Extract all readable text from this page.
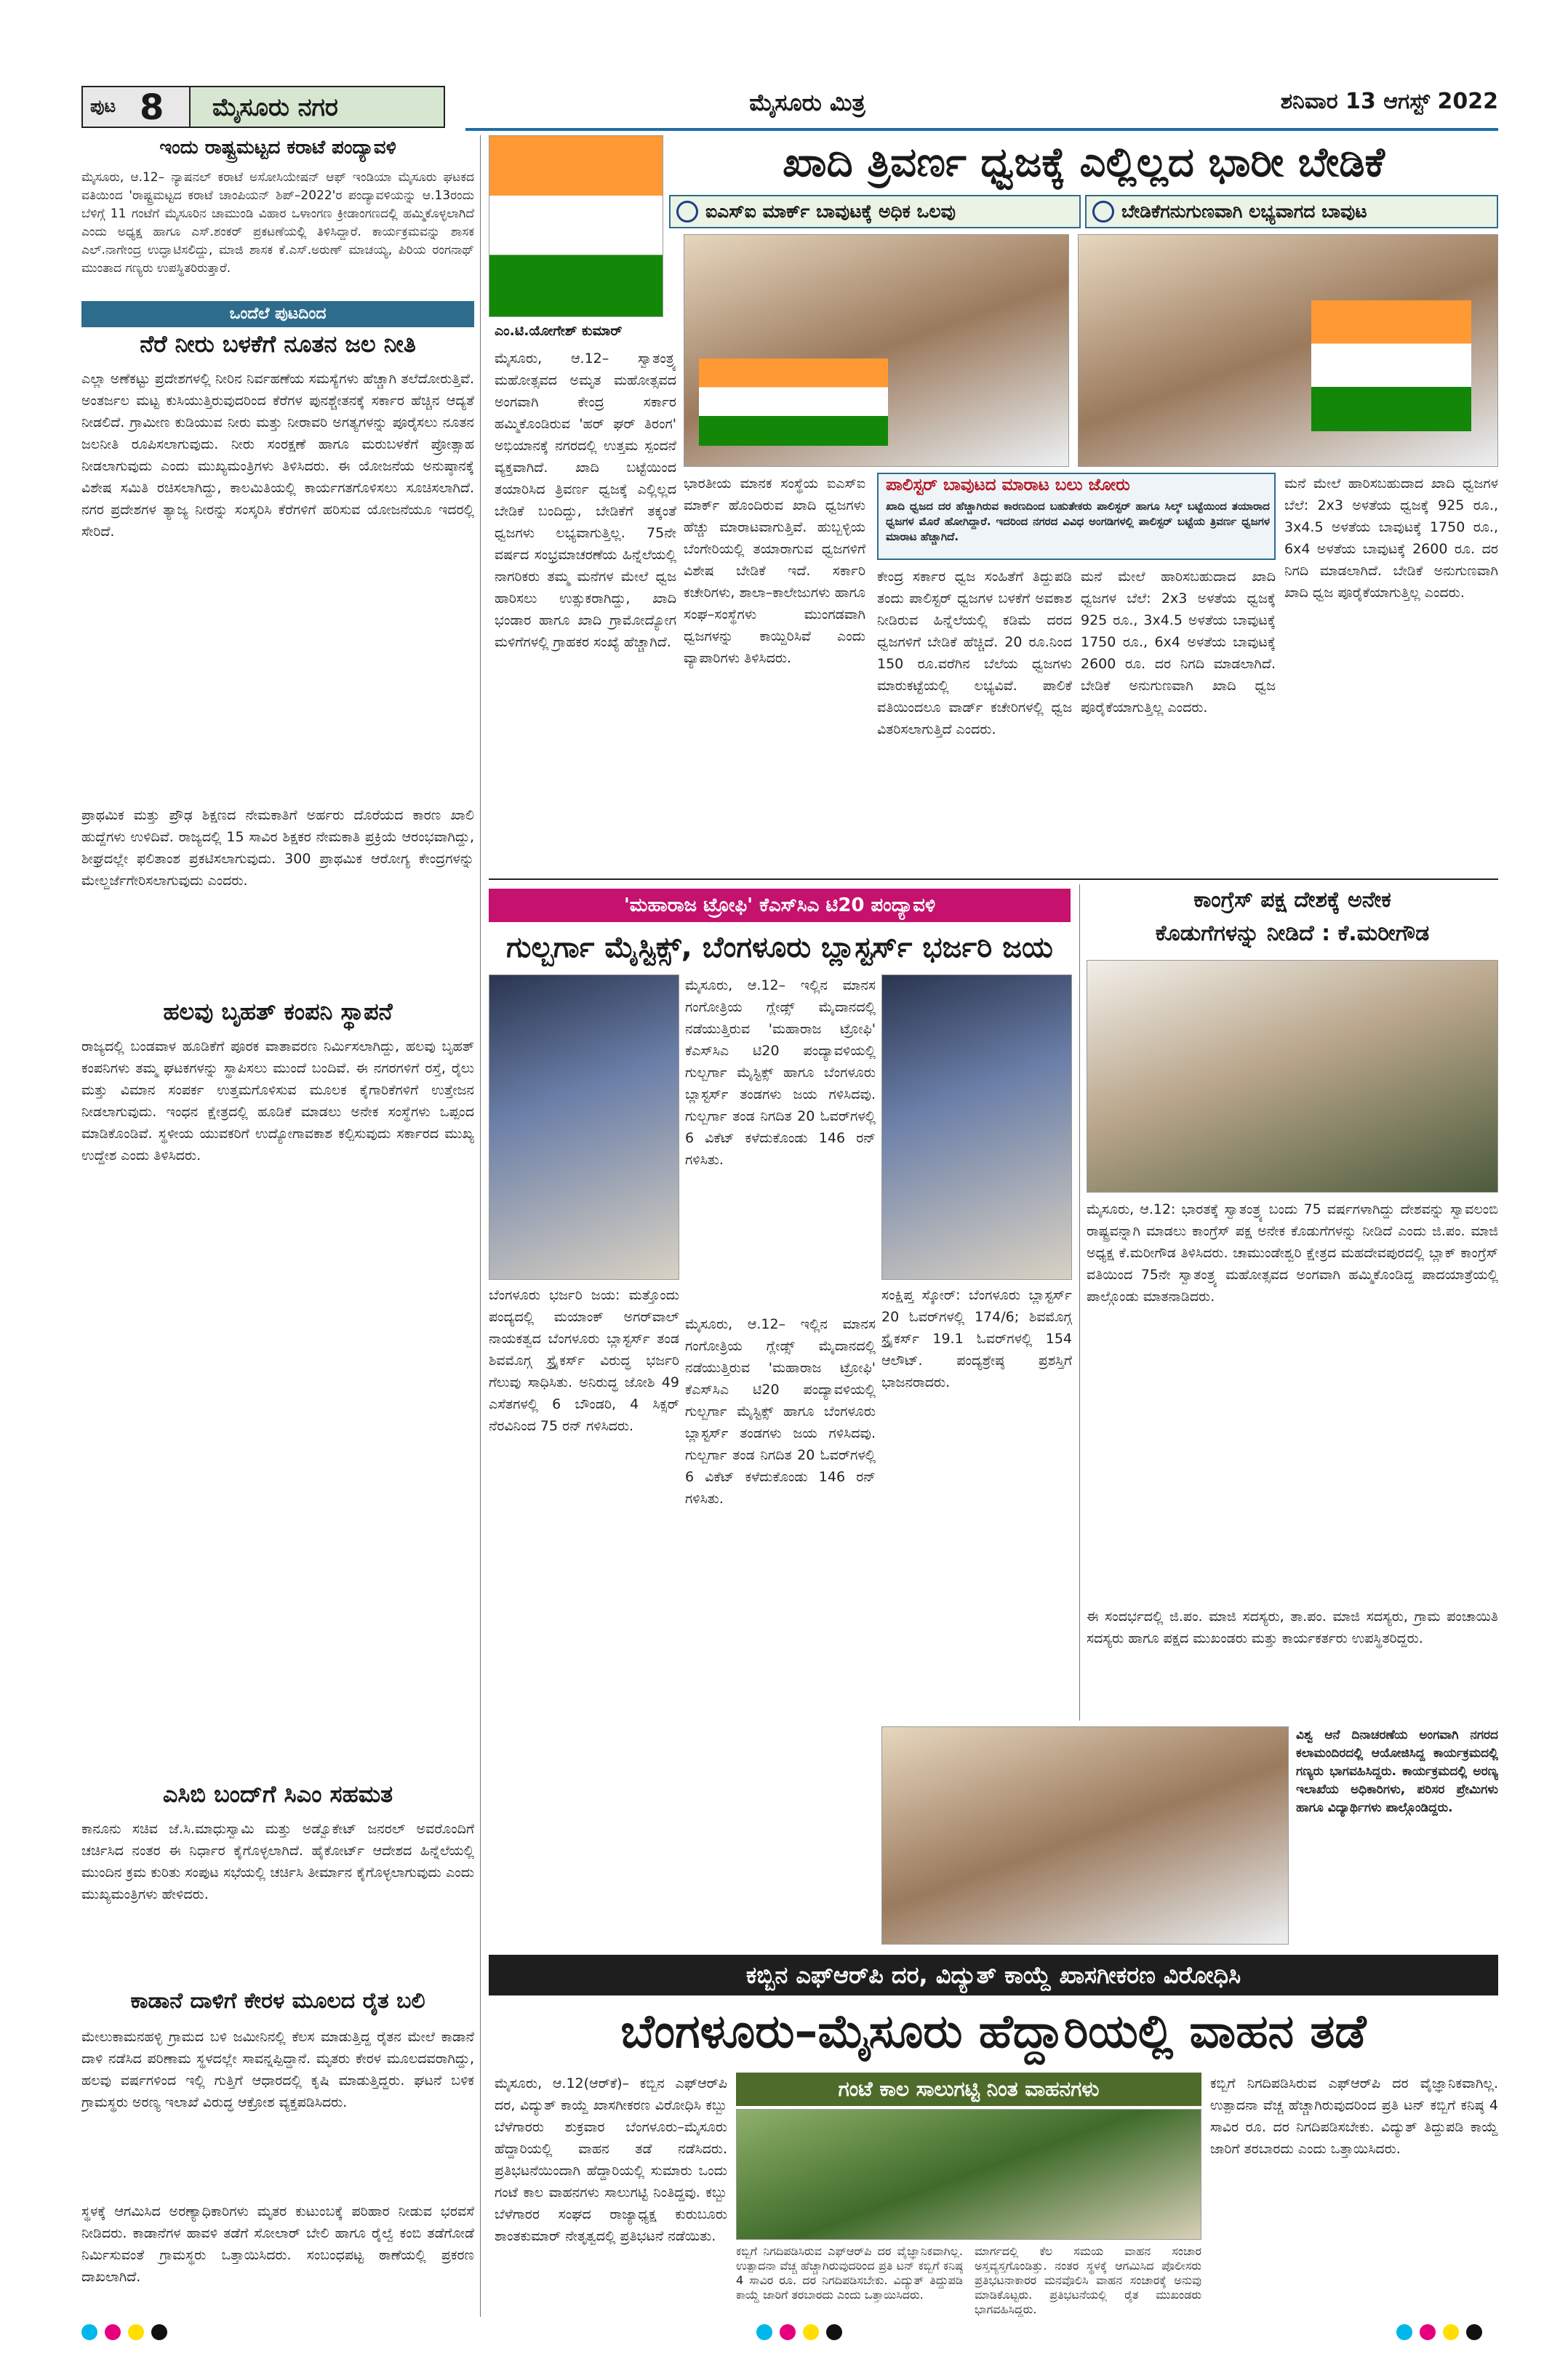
ಪುಟ 8 ಮೈಸೂರು ನಗರ	ಮೈಸೂರು ಮಿತ್ರ	ಶನಿವಾರ 13 ಆಗಸ್ಟ್ 2022
ಇಂದು ರಾಷ್ಟ್ರಮಟ್ಟದ ಕರಾಟೆ ಪಂದ್ಯಾವಳಿ
ಮೈಸೂರು, ಆ.12– ನ್ಯಾಷನಲ್ ಕರಾಟೆ ಅಸೋಸಿಯೇಷನ್ ಆಫ್ ಇಂಡಿಯಾ ಮೈಸೂರು ಘಟಕದ ವತಿಯಿಂದ 'ರಾಷ್ಟ್ರಮಟ್ಟದ ಕರಾಟೆ ಚಾಂಪಿಯನ್ ಶಿಪ್–2022'ರ ಪಂದ್ಯಾವಳಿಯನ್ನು ಆ.13ರಂದು ಬೆಳಿಗ್ಗೆ 11 ಗಂಟೆಗೆ ಮೈಸೂರಿನ ಚಾಮುಂಡಿ ವಿಹಾರ ಒಳಾಂಗಣ ಕ್ರೀಡಾಂಗಣದಲ್ಲಿ ಹಮ್ಮಿಕೊಳ್ಳಲಾಗಿದೆ ಎಂದು ಅಧ್ಯಕ್ಷ ಹಾಗೂ ಎಸ್.ಶಂಕರ್ ಪ್ರಕಟಣೆಯಲ್ಲಿ ತಿಳಿಸಿದ್ದಾರೆ. ಕಾರ್ಯಕ್ರಮವನ್ನು ಶಾಸಕ ಎಲ್.ನಾಗೇಂದ್ರ ಉದ್ಘಾಟಿಸಲಿದ್ದು, ಮಾಜಿ ಶಾಸಕ ಕೆ.ಎಸ್.ಅರುಣ್ ಮಾಚಯ್ಯ, ಪಿರಿಯ ರಂಗನಾಥ್ ಮುಂತಾದ ಗಣ್ಯರು ಉಪಸ್ಥಿತರಿರುತ್ತಾರೆ.
ಒಂದೆಲೆ ಪುಟದಿಂದ
ನೆರೆ ನೀರು ಬಳಕೆಗೆ ನೂತನ ಜಲ ನೀತಿ
ಎಲ್ಲಾ ಅಣೆಕಟ್ಟು ಪ್ರದೇಶಗಳಲ್ಲಿ ನೀರಿನ ನಿರ್ವಹಣೆಯ ಸಮಸ್ಯೆಗಳು ಹೆಚ್ಚಾಗಿ ತಲೆದೋರುತ್ತಿವೆ. ಅಂತರ್ಜಲ ಮಟ್ಟ ಕುಸಿಯುತ್ತಿರುವುದರಿಂದ ಕೆರೆಗಳ ಪುನಶ್ಚೇತನಕ್ಕೆ ಸರ್ಕಾರ ಹೆಚ್ಚಿನ ಆದ್ಯತೆ ನೀಡಲಿದೆ. ಗ್ರಾಮೀಣ ಕುಡಿಯುವ ನೀರು ಮತ್ತು ನೀರಾವರಿ ಅಗತ್ಯಗಳನ್ನು ಪೂರೈಸಲು ನೂತನ ಜಲನೀತಿ ರೂಪಿಸಲಾಗುವುದು. ನೀರು ಸಂರಕ್ಷಣೆ ಹಾಗೂ ಮರುಬಳಕೆಗೆ ಪ್ರೋತ್ಸಾಹ ನೀಡಲಾಗುವುದು ಎಂದು ಮುಖ್ಯಮಂತ್ರಿಗಳು ತಿಳಿಸಿದರು. ಈ ಯೋಜನೆಯ ಅನುಷ್ಠಾನಕ್ಕೆ ವಿಶೇಷ ಸಮಿತಿ ರಚಿಸಲಾಗಿದ್ದು, ಕಾಲಮಿತಿಯಲ್ಲಿ ಕಾರ್ಯಗತಗೊಳಿಸಲು ಸೂಚಿಸಲಾಗಿದೆ. ನಗರ ಪ್ರದೇಶಗಳ ತ್ಯಾಜ್ಯ ನೀರನ್ನು ಸಂಸ್ಕರಿಸಿ ಕೆರೆಗಳಿಗೆ ಹರಿಸುವ ಯೋಜನೆಯೂ ಇದರಲ್ಲಿ ಸೇರಿದೆ.
ಪ್ರಾಥಮಿಕ ಮತ್ತು ಪ್ರೌಢ ಶಿಕ್ಷಣದ ನೇಮಕಾತಿಗೆ ಅರ್ಹರು ದೊರೆಯದ ಕಾರಣ ಖಾಲಿ ಹುದ್ದೆಗಳು ಉಳಿದಿವೆ. ರಾಜ್ಯದಲ್ಲಿ 15 ಸಾವಿರ ಶಿಕ್ಷಕರ ನೇಮಕಾತಿ ಪ್ರಕ್ರಿಯೆ ಆರಂಭವಾಗಿದ್ದು, ಶೀಘ್ರದಲ್ಲೇ ಫಲಿತಾಂಶ ಪ್ರಕಟಿಸಲಾಗುವುದು. 300 ಪ್ರಾಥಮಿಕ ಆರೋಗ್ಯ ಕೇಂದ್ರಗಳನ್ನು ಮೇಲ್ದರ್ಜೆಗೇರಿಸಲಾಗುವುದು ಎಂದರು.
ಹಲವು ಬೃಹತ್ ಕಂಪನಿ ಸ್ಥಾಪನೆ
ರಾಜ್ಯದಲ್ಲಿ ಬಂಡವಾಳ ಹೂಡಿಕೆಗೆ ಪೂರಕ ವಾತಾವರಣ ನಿರ್ಮಿಸಲಾಗಿದ್ದು, ಹಲವು ಬೃಹತ್ ಕಂಪನಿಗಳು ತಮ್ಮ ಘಟಕಗಳನ್ನು ಸ್ಥಾಪಿಸಲು ಮುಂದೆ ಬಂದಿವೆ. ಈ ನಗರಗಳಿಗೆ ರಸ್ತೆ, ರೈಲು ಮತ್ತು ವಿಮಾನ ಸಂಪರ್ಕ ಉತ್ತಮಗೊಳಿಸುವ ಮೂಲಕ ಕೈಗಾರಿಕೆಗಳಿಗೆ ಉತ್ತೇಜನ ನೀಡಲಾಗುವುದು. ಇಂಧನ ಕ್ಷೇತ್ರದಲ್ಲಿ ಹೂಡಿಕೆ ಮಾಡಲು ಅನೇಕ ಸಂಸ್ಥೆಗಳು ಒಪ್ಪಂದ ಮಾಡಿಕೊಂಡಿವೆ. ಸ್ಥಳೀಯ ಯುವಕರಿಗೆ ಉದ್ಯೋಗಾವಕಾಶ ಕಲ್ಪಿಸುವುದು ಸರ್ಕಾರದ ಮುಖ್ಯ ಉದ್ದೇಶ ಎಂದು ತಿಳಿಸಿದರು.
ಎಸಿಬಿ ಬಂದ್‌ಗೆ ಸಿಎಂ ಸಹಮತ
ಕಾನೂನು ಸಚಿವ ಜೆ.ಸಿ.ಮಾಧುಸ್ವಾಮಿ ಮತ್ತು ಅಡ್ವೊಕೇಟ್ ಜನರಲ್ ಅವರೊಂದಿಗೆ ಚರ್ಚಿಸಿದ ನಂತರ ಈ ನಿರ್ಧಾರ ಕೈಗೊಳ್ಳಲಾಗಿದೆ. ಹೈಕೋರ್ಟ್ ಆದೇಶದ ಹಿನ್ನೆಲೆಯಲ್ಲಿ ಮುಂದಿನ ಕ್ರಮ ಕುರಿತು ಸಂಪುಟ ಸಭೆಯಲ್ಲಿ ಚರ್ಚಿಸಿ ತೀರ್ಮಾನ ಕೈಗೊಳ್ಳಲಾಗುವುದು ಎಂದು ಮುಖ್ಯಮಂತ್ರಿಗಳು ಹೇಳಿದರು.
ಕಾಡಾನೆ ದಾಳಿಗೆ ಕೇರಳ ಮೂಲದ ರೈತ ಬಲಿ
ಮೇಲುಕಾಮನಹಳ್ಳಿ ಗ್ರಾಮದ ಬಳಿ ಜಮೀನಿನಲ್ಲಿ ಕೆಲಸ ಮಾಡುತ್ತಿದ್ದ ರೈತನ ಮೇಲೆ ಕಾಡಾನೆ ದಾಳಿ ನಡೆಸಿದ ಪರಿಣಾಮ ಸ್ಥಳದಲ್ಲೇ ಸಾವನ್ನಪ್ಪಿದ್ದಾನೆ. ಮೃತರು ಕೇರಳ ಮೂಲದವರಾಗಿದ್ದು, ಹಲವು ವರ್ಷಗಳಿಂದ ಇಲ್ಲಿ ಗುತ್ತಿಗೆ ಆಧಾರದಲ್ಲಿ ಕೃಷಿ ಮಾಡುತ್ತಿದ್ದರು. ಘಟನೆ ಬಳಿಕ ಗ್ರಾಮಸ್ಥರು ಅರಣ್ಯ ಇಲಾಖೆ ವಿರುದ್ಧ ಆಕ್ರೋಶ ವ್ಯಕ್ತಪಡಿಸಿದರು.
ಸ್ಥಳಕ್ಕೆ ಆಗಮಿಸಿದ ಅರಣ್ಯಾಧಿಕಾರಿಗಳು ಮೃತರ ಕುಟುಂಬಕ್ಕೆ ಪರಿಹಾರ ನೀಡುವ ಭರವಸೆ ನೀಡಿದರು. ಕಾಡಾನೆಗಳ ಹಾವಳಿ ತಡೆಗೆ ಸೋಲಾರ್ ಬೇಲಿ ಹಾಗೂ ರೈಲ್ವೆ ಕಂಬಿ ತಡೆಗೋಡೆ ನಿರ್ಮಿಸುವಂತೆ ಗ್ರಾಮಸ್ಥರು ಒತ್ತಾಯಿಸಿದರು. ಸಂಬಂಧಪಟ್ಟ ಠಾಣೆಯಲ್ಲಿ ಪ್ರಕರಣ ದಾಖಲಾಗಿದೆ.
ಖಾದಿ ತ್ರಿವರ್ಣ ಧ್ವಜಕ್ಕೆ ಎಲ್ಲಿಲ್ಲದ ಭಾರೀ ಬೇಡಿಕೆ
ಐಎಸ್ಐ ಮಾರ್ಕ್ ಬಾವುಟಕ್ಕೆ ಅಧಿಕ ಒಲವು	ಬೇಡಿಕೆಗನುಗುಣವಾಗಿ ಲಭ್ಯವಾಗದ ಬಾವುಟ
ಎಂ.ಟಿ.ಯೋಗೇಶ್ ಕುಮಾರ್
ಮೈಸೂರು, ಆ.12– ಸ್ವಾತಂತ್ರ್ಯ ಮಹೋತ್ಸವದ ಅಮೃತ ಮಹೋತ್ಸವದ ಅಂಗವಾಗಿ ಕೇಂದ್ರ ಸರ್ಕಾರ ಹಮ್ಮಿಕೊಂಡಿರುವ 'ಹರ್ ಘರ್ ತಿರಂಗ' ಅಭಿಯಾನಕ್ಕೆ ನಗರದಲ್ಲಿ ಉತ್ತಮ ಸ್ಪಂದನೆ ವ್ಯಕ್ತವಾಗಿದೆ. ಖಾದಿ ಬಟ್ಟೆಯಿಂದ ತಯಾರಿಸಿದ ತ್ರಿವರ್ಣ ಧ್ವಜಕ್ಕೆ ಎಲ್ಲಿಲ್ಲದ ಬೇಡಿಕೆ ಬಂದಿದ್ದು, ಬೇಡಿಕೆಗೆ ತಕ್ಕಂತೆ ಧ್ವಜಗಳು ಲಭ್ಯವಾಗುತ್ತಿಲ್ಲ. 75ನೇ ವರ್ಷದ ಸಂಭ್ರಮಾಚರಣೆಯ ಹಿನ್ನೆಲೆಯಲ್ಲಿ ನಾಗರಿಕರು ತಮ್ಮ ಮನೆಗಳ ಮೇಲೆ ಧ್ವಜ ಹಾರಿಸಲು ಉತ್ಸುಕರಾಗಿದ್ದು, ಖಾದಿ ಭಂಡಾರ ಹಾಗೂ ಖಾದಿ ಗ್ರಾಮೋದ್ಯೋಗ ಮಳಿಗೆಗಳಲ್ಲಿ ಗ್ರಾಹಕರ ಸಂಖ್ಯೆ ಹೆಚ್ಚಾಗಿದೆ.
ಭಾರತೀಯ ಮಾನಕ ಸಂಸ್ಥೆಯ ಐಎಸ್ಐ ಮಾರ್ಕ್ ಹೊಂದಿರುವ ಖಾದಿ ಧ್ವಜಗಳು ಹೆಚ್ಚು ಮಾರಾಟವಾಗುತ್ತಿವೆ. ಹುಬ್ಬಳ್ಳಿಯ ಬೆಂಗೇರಿಯಲ್ಲಿ ತಯಾರಾಗುವ ಧ್ವಜಗಳಿಗೆ ವಿಶೇಷ ಬೇಡಿಕೆ ಇದೆ. ಸರ್ಕಾರಿ ಕಚೇರಿಗಳು, ಶಾಲಾ–ಕಾಲೇಜುಗಳು ಹಾಗೂ ಸಂಘ–ಸಂಸ್ಥೆಗಳು ಮುಂಗಡವಾಗಿ ಧ್ವಜಗಳನ್ನು ಕಾಯ್ದಿರಿಸಿವೆ ಎಂದು ವ್ಯಾಪಾರಿಗಳು ತಿಳಿಸಿದರು.
ಪಾಲಿಸ್ಟರ್ ಬಾವುಟದ ಮಾರಾಟ ಬಲು ಜೋರು
ಖಾದಿ ಧ್ವಜದ ದರ ಹೆಚ್ಚಾಗಿರುವ ಕಾರಣದಿಂದ ಬಹುತೇಕರು ಪಾಲಿಸ್ಟರ್ ಹಾಗೂ ಸಿಲ್ಕ್ ಬಟ್ಟೆಯಿಂದ ತಯಾರಾದ ಧ್ವಜಗಳ ಮೊರೆ ಹೋಗಿದ್ದಾರೆ. ಇದರಿಂದ ನಗರದ ವಿವಿಧ ಅಂಗಡಿಗಳಲ್ಲಿ ಪಾಲಿಸ್ಟರ್ ಬಟ್ಟೆಯ ತ್ರಿವರ್ಣ ಧ್ವಜಗಳ ಮಾರಾಟ ಹೆಚ್ಚಾಗಿದೆ.
ಕೇಂದ್ರ ಸರ್ಕಾರ ಧ್ವಜ ಸಂಹಿತೆಗೆ ತಿದ್ದುಪಡಿ ತಂದು ಪಾಲಿಸ್ಟರ್ ಧ್ವಜಗಳ ಬಳಕೆಗೆ ಅವಕಾಶ ನೀಡಿರುವ ಹಿನ್ನೆಲೆಯಲ್ಲಿ ಕಡಿಮೆ ದರದ ಧ್ವಜಗಳಿಗೆ ಬೇಡಿಕೆ ಹೆಚ್ಚಿದೆ. 20 ರೂ.ನಿಂದ 150 ರೂ.ವರೆಗಿನ ಬೆಲೆಯ ಧ್ವಜಗಳು ಮಾರುಕಟ್ಟೆಯಲ್ಲಿ ಲಭ್ಯವಿವೆ. ಪಾಲಿಕೆ ವತಿಯಿಂದಲೂ ವಾರ್ಡ್ ಕಚೇರಿಗಳಲ್ಲಿ ಧ್ವಜ ವಿತರಿಸಲಾಗುತ್ತಿದೆ ಎಂದರು.
ಮನೆ ಮೇಲೆ ಹಾರಿಸಬಹುದಾದ ಖಾದಿ ಧ್ವಜಗಳ ಬೆಲೆ: 2x3 ಅಳತೆಯ ಧ್ವಜಕ್ಕೆ 925 ರೂ., 3x4.5 ಅಳತೆಯ ಬಾವುಟಕ್ಕೆ 1750 ರೂ., 6x4 ಅಳತೆಯ ಬಾವುಟಕ್ಕೆ 2600 ರೂ. ದರ ನಿಗದಿ ಮಾಡಲಾಗಿದೆ. ಬೇಡಿಕೆ ಅನುಗುಣವಾಗಿ ಖಾದಿ ಧ್ವಜ ಪೂರೈಕೆಯಾಗುತ್ತಿಲ್ಲ ಎಂದರು.
ಮನೆ ಮೇಲೆ ಹಾರಿಸಬಹುದಾದ ಖಾದಿ ಧ್ವಜಗಳ ಬೆಲೆ: 2x3 ಅಳತೆಯ ಧ್ವಜಕ್ಕೆ 925 ರೂ., 3x4.5 ಅಳತೆಯ ಬಾವುಟಕ್ಕೆ 1750 ರೂ., 6x4 ಅಳತೆಯ ಬಾವುಟಕ್ಕೆ 2600 ರೂ. ದರ ನಿಗದಿ ಮಾಡಲಾಗಿದೆ. ಬೇಡಿಕೆ ಅನುಗುಣವಾಗಿ ಖಾದಿ ಧ್ವಜ ಪೂರೈಕೆಯಾಗುತ್ತಿಲ್ಲ ಎಂದರು.
'ಮಹಾರಾಜ ಟ್ರೋಫಿ' ಕೆಎಸ್‌ಸಿಎ ಟಿ20 ಪಂದ್ಯಾವಳಿ
ಗುಲ್ಬರ್ಗಾ ಮೈಸ್ಟಿಕ್ಸ್, ಬೆಂಗಳೂರು ಬ್ಲಾಸ್ಟರ್ಸ್ ಭರ್ಜರಿ ಜಯ
ಮೈಸೂರು, ಆ.12– ಇಲ್ಲಿನ ಮಾನಸ ಗಂಗೋತ್ರಿಯ ಗ್ಲೇಡ್ಸ್ ಮೈದಾನದಲ್ಲಿ ನಡೆಯುತ್ತಿರುವ 'ಮಹಾರಾಜ ಟ್ರೋಫಿ' ಕೆಎಸ್‌ಸಿಎ ಟಿ20 ಪಂದ್ಯಾವಳಿಯಲ್ಲಿ ಗುಲ್ಬರ್ಗಾ ಮೈಸ್ಟಿಕ್ಸ್ ಹಾಗೂ ಬೆಂಗಳೂರು ಬ್ಲಾಸ್ಟರ್ಸ್ ತಂಡಗಳು ಜಯ ಗಳಿಸಿದವು. ಗುಲ್ಬರ್ಗಾ ತಂಡ ನಿಗದಿತ 20 ಓವರ್‌ಗಳಲ್ಲಿ 6 ವಿಕೆಟ್ ಕಳೆದುಕೊಂಡು 146 ರನ್ ಗಳಿಸಿತು.
ಬೆಂಗಳೂರು ಭರ್ಜರಿ ಜಯ: ಮತ್ತೊಂದು ಪಂದ್ಯದಲ್ಲಿ ಮಯಾಂಕ್ ಅಗರ್‌ವಾಲ್ ನಾಯಕತ್ವದ ಬೆಂಗಳೂರು ಬ್ಲಾಸ್ಟರ್ಸ್ ತಂಡ ಶಿವಮೊಗ್ಗ ಸ್ಟ್ರೈಕರ್ಸ್ ವಿರುದ್ಧ ಭರ್ಜರಿ ಗೆಲುವು ಸಾಧಿಸಿತು. ಅನಿರುದ್ಧ ಜೋಶಿ 49 ಎಸೆತಗಳಲ್ಲಿ 6 ಬೌಂಡರಿ, 4 ಸಿಕ್ಸರ್ ನೆರವಿನಿಂದ 75 ರನ್ ಗಳಿಸಿದರು.
ಮೈಸೂರು, ಆ.12– ಇಲ್ಲಿನ ಮಾನಸ ಗಂಗೋತ್ರಿಯ ಗ್ಲೇಡ್ಸ್ ಮೈದಾನದಲ್ಲಿ ನಡೆಯುತ್ತಿರುವ 'ಮಹಾರಾಜ ಟ್ರೋಫಿ' ಕೆಎಸ್‌ಸಿಎ ಟಿ20 ಪಂದ್ಯಾವಳಿಯಲ್ಲಿ ಗುಲ್ಬರ್ಗಾ ಮೈಸ್ಟಿಕ್ಸ್ ಹಾಗೂ ಬೆಂಗಳೂರು ಬ್ಲಾಸ್ಟರ್ಸ್ ತಂಡಗಳು ಜಯ ಗಳಿಸಿದವು. ಗುಲ್ಬರ್ಗಾ ತಂಡ ನಿಗದಿತ 20 ಓವರ್‌ಗಳಲ್ಲಿ 6 ವಿಕೆಟ್ ಕಳೆದುಕೊಂಡು 146 ರನ್ ಗಳಿಸಿತು.
ಸಂಕ್ಷಿಪ್ತ ಸ್ಕೋರ್: ಬೆಂಗಳೂರು ಬ್ಲಾಸ್ಟರ್ಸ್ 20 ಓವರ್‌ಗಳಲ್ಲಿ 174/6; ಶಿವಮೊಗ್ಗ ಸ್ಟ್ರೈಕರ್ಸ್ 19.1 ಓವರ್‌ಗಳಲ್ಲಿ 154 ಆಲೌಟ್. ಪಂದ್ಯಶ್ರೇಷ್ಠ ಪ್ರಶಸ್ತಿಗೆ ಭಾಜನರಾದರು.
ಕಾಂಗ್ರೆಸ್ ಪಕ್ಷ ದೇಶಕ್ಕೆ ಅನೇಕ
ಕೊಡುಗೆಗಳನ್ನು ನೀಡಿದೆ : ಕೆ.ಮರೀಗೌಡ
ಮೈಸೂರು, ಆ.12: ಭಾರತಕ್ಕೆ ಸ್ವಾತಂತ್ರ್ಯ ಬಂದು 75 ವರ್ಷಗಳಾಗಿದ್ದು ದೇಶವನ್ನು ಸ್ವಾವಲಂಬಿ ರಾಷ್ಟ್ರವನ್ನಾಗಿ ಮಾಡಲು ಕಾಂಗ್ರೆಸ್ ಪಕ್ಷ ಅನೇಕ ಕೊಡುಗೆಗಳನ್ನು ನೀಡಿದೆ ಎಂದು ಜಿ.ಪಂ. ಮಾಜಿ ಅಧ್ಯಕ್ಷ ಕೆ.ಮರೀಗೌಡ ತಿಳಿಸಿದರು. ಚಾಮುಂಡೇಶ್ವರಿ ಕ್ಷೇತ್ರದ ಮಹದೇವಪುರದಲ್ಲಿ ಬ್ಲಾಕ್ ಕಾಂಗ್ರೆಸ್ ವತಿಯಿಂದ 75ನೇ ಸ್ವಾತಂತ್ರ್ಯ ಮಹೋತ್ಸವದ ಅಂಗವಾಗಿ ಹಮ್ಮಿಕೊಂಡಿದ್ದ ಪಾದಯಾತ್ರೆಯಲ್ಲಿ ಪಾಲ್ಗೊಂಡು ಮಾತನಾಡಿದರು.
ಈ ಸಂದರ್ಭದಲ್ಲಿ ಜಿ.ಪಂ. ಮಾಜಿ ಸದಸ್ಯರು, ತಾ.ಪಂ. ಮಾಜಿ ಸದಸ್ಯರು, ಗ್ರಾಮ ಪಂಚಾಯಿತಿ ಸದಸ್ಯರು ಹಾಗೂ ಪಕ್ಷದ ಮುಖಂಡರು ಮತ್ತು ಕಾರ್ಯಕರ್ತರು ಉಪಸ್ಥಿತರಿದ್ದರು.
ವಿಶ್ವ ಆನೆ ದಿನಾಚರಣೆಯ ಅಂಗವಾಗಿ ನಗರದ ಕಲಾಮಂದಿರದಲ್ಲಿ ಆಯೋಜಿಸಿದ್ದ ಕಾರ್ಯಕ್ರಮದಲ್ಲಿ ಗಣ್ಯರು ಭಾಗವಹಿಸಿದ್ದರು. ಕಾರ್ಯಕ್ರಮದಲ್ಲಿ ಅರಣ್ಯ ಇಲಾಖೆಯ ಅಧಿಕಾರಿಗಳು, ಪರಿಸರ ಪ್ರೇಮಿಗಳು ಹಾಗೂ ವಿದ್ಯಾರ್ಥಿಗಳು ಪಾಲ್ಗೊಂಡಿದ್ದರು.
ಕಬ್ಬಿನ ಎಫ್‌ಆರ್‌ಪಿ ದರ, ವಿದ್ಯುತ್ ಕಾಯ್ದೆ ಖಾಸಗೀಕರಣ ವಿರೋಧಿಸಿ
ಬೆಂಗಳೂರು–ಮೈಸೂರು ಹೆದ್ದಾರಿಯಲ್ಲಿ ವಾಹನ ತಡೆ
ಮೈಸೂರು, ಆ.12(ಆರ್‌ಕೆ)– ಕಬ್ಬಿನ ಎಫ್‌ಆರ್‌ಪಿ ದರ, ವಿದ್ಯುತ್ ಕಾಯ್ದೆ ಖಾಸಗೀಕರಣ ವಿರೋಧಿಸಿ ಕಬ್ಬು ಬೆಳೆಗಾರರು ಶುಕ್ರವಾರ ಬೆಂಗಳೂರು–ಮೈಸೂರು ಹೆದ್ದಾರಿಯಲ್ಲಿ ವಾಹನ ತಡೆ ನಡೆಸಿದರು. ಪ್ರತಿಭಟನೆಯಿಂದಾಗಿ ಹೆದ್ದಾರಿಯಲ್ಲಿ ಸುಮಾರು ಒಂದು ಗಂಟೆ ಕಾಲ ವಾಹನಗಳು ಸಾಲುಗಟ್ಟಿ ನಿಂತಿದ್ದವು. ಕಬ್ಬು ಬೆಳೆಗಾರರ ಸಂಘದ ರಾಜ್ಯಾಧ್ಯಕ್ಷ ಕುರುಬೂರು ಶಾಂತಕುಮಾರ್ ನೇತೃತ್ವದಲ್ಲಿ ಪ್ರತಿಭಟನೆ ನಡೆಯಿತು.
ಗಂಟೆ ಕಾಲ ಸಾಲುಗಟ್ಟಿ ನಿಂತ ವಾಹನಗಳು
ಕಬ್ಬಿಗೆ ನಿಗದಿಪಡಿಸಿರುವ ಎಫ್‌ಆರ್‌ಪಿ ದರ ವೈಜ್ಞಾನಿಕವಾಗಿಲ್ಲ. ಉತ್ಪಾದನಾ ವೆಚ್ಚ ಹೆಚ್ಚಾಗಿರುವುದರಿಂದ ಪ್ರತಿ ಟನ್ ಕಬ್ಬಿಗೆ ಕನಿಷ್ಠ 4 ಸಾವಿರ ರೂ. ದರ ನಿಗದಿಪಡಿಸಬೇಕು. ವಿದ್ಯುತ್ ತಿದ್ದುಪಡಿ ಕಾಯ್ದೆ ಜಾರಿಗೆ ತರಬಾರದು ಎಂದು ಒತ್ತಾಯಿಸಿದರು.
ಮಾರ್ಗದಲ್ಲಿ ಕೆಲ ಸಮಯ ವಾಹನ ಸಂಚಾರ ಅಸ್ತವ್ಯಸ್ತಗೊಂಡಿತ್ತು. ನಂತರ ಸ್ಥಳಕ್ಕೆ ಆಗಮಿಸಿದ ಪೊಲೀಸರು ಪ್ರತಿಭಟನಾಕಾರರ ಮನವೊಲಿಸಿ ವಾಹನ ಸಂಚಾರಕ್ಕೆ ಅನುವು ಮಾಡಿಕೊಟ್ಟರು. ಪ್ರತಿಭಟನೆಯಲ್ಲಿ ರೈತ ಮುಖಂಡರು ಭಾಗವಹಿಸಿದ್ದರು.
ಕಬ್ಬಿಗೆ ನಿಗದಿಪಡಿಸಿರುವ ಎಫ್‌ಆರ್‌ಪಿ ದರ ವೈಜ್ಞಾನಿಕವಾಗಿಲ್ಲ. ಉತ್ಪಾದನಾ ವೆಚ್ಚ ಹೆಚ್ಚಾಗಿರುವುದರಿಂದ ಪ್ರತಿ ಟನ್ ಕಬ್ಬಿಗೆ ಕನಿಷ್ಠ 4 ಸಾವಿರ ರೂ. ದರ ನಿಗದಿಪಡಿಸಬೇಕು. ವಿದ್ಯುತ್ ತಿದ್ದುಪಡಿ ಕಾಯ್ದೆ ಜಾರಿಗೆ ತರಬಾರದು ಎಂದು ಒತ್ತಾಯಿಸಿದರು.
